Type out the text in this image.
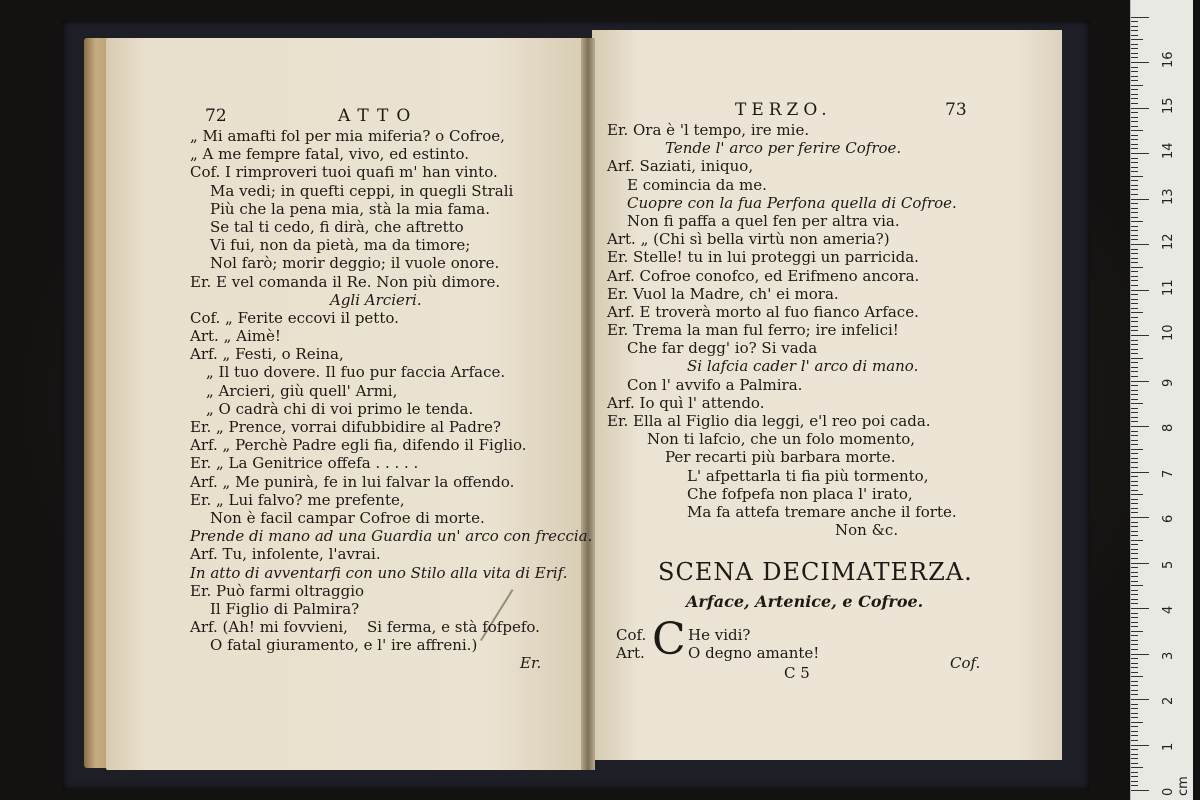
72	ATTO
„ Mi amafti fol per mia miferia? o Cofroe,
„ A me fempre fatal, vivo, ed estinto.
Cof. I rimproveri tuoi quafi m' han vinto.
Ma vedi; in quefti ceppi, in quegli Strali
Più che la pena mia, stà la mia fama.
Se tal ti cedo, fi dirà, che aftretto
Vi fui, non da pietà, ma da timore;
Nol farò; morir deggio; il vuole onore.
Er. E vel comanda il Re. Non più dimore.
Agli Arcieri.
Cof. „ Ferite eccovi il petto.
Art. „ Aimè!
Arf. „ Festi, o Reina,
„ Il tuo dovere. Il fuo pur faccia Arface.
„ Arcieri, giù quell' Armi,
„ O cadrà chi di voi primo le tenda.
Er. „ Prence, vorrai difubbidire al Padre?
Arf. „ Perchè Padre egli fia, difendo il Figlio.
Er. „ La Genitrice offefa . . . . .
Arf. „ Me punirà, fe in lui falvar la offendo.
Er. „ Lui falvo? me prefente,
Non è facil campar Cofroe di morte.
Prende di mano ad una Guardia un' arco con freccia.
Arf. Tu, infolente, l'avrai.
In atto di avventarfi con uno Stilo alla vita di Erif.
Er. Può farmi oltraggio
Il Figlio di Palmira?
Arf. (Ah! mi fovvieni,    Si ferma, e stà fofpefo.
O fatal giuramento, e l' ire affreni.)
Er.
TERZO.	73
Er. Ora è 'l tempo, ire mie.
Tende l' arco per ferire Cofroe.
Arf. Saziati, iniquo,
E comincia da me.
Cuopre con la fua Perfona quella di Cofroe.
Non fi paffa a quel fen per altra via.
Art. „ (Chi sì bella virtù non ameria?)
Er. Stelle! tu in lui proteggi un parricida.
Arf. Cofroe conofco, ed Erifmeno ancora.
Er. Vuol la Madre, ch' ei mora.
Arf. E troverà morto al fuo fianco Arface.
Er. Trema la man ful ferro; ire infelici!
Che far degg' io? Si vada
Si lafcia cader l' arco di mano.
Con l' avvifo a Palmira.
Arf. Io quì l' attendo.
Er. Ella al Figlio dia leggi, e'l reo poi cada.
Non ti lafcio, che un folo momento,
Per recarti più barbara morte.
L' afpettarla ti fia più tormento,
Che fofpefa non placa l' irato,
Ma fa attefa tremare anche il forte.
Non &c.
SCENA DECIMATERZA.
Arface, Artenice, e Cofroe.
Cof.
Art. C He vidi?
O degno amante!
C 5
Cof.
0 cm
1
2
3
4
5
6
7
8
9
10
11
12
13
14
15
16
